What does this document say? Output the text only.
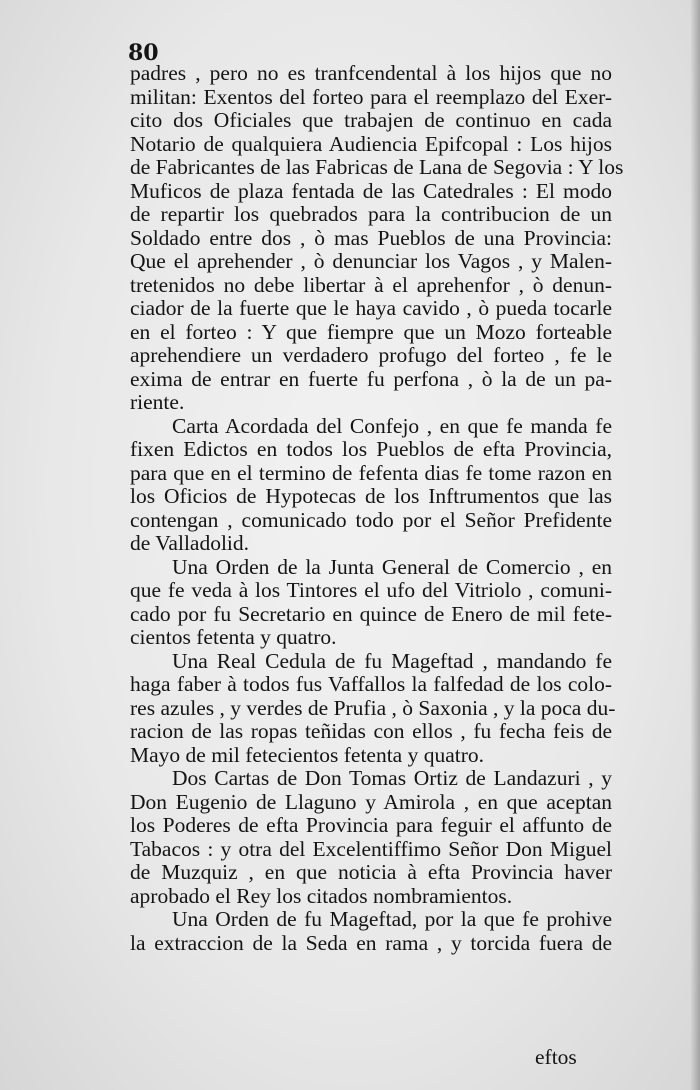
80
padres , pero no es tranfcendental à los hijos que no
militan: Exentos del forteo para el reemplazo del Exer-
cito dos Oficiales que trabajen de continuo en cada
Notario de qualquiera Audiencia Epifcopal : Los hijos
de Fabricantes de las Fabricas de Lana de Segovia : Y los
Muficos de plaza fentada de las Catedrales : El modo
de repartir los quebrados para la contribucion de un
Soldado entre dos , ò mas Pueblos de una Provincia:
Que el aprehender , ò denunciar los Vagos , y Malen-
tretenidos no debe libertar à el aprehenfor , ò denun-
ciador de la fuerte que le haya cavido , ò pueda tocarle
en el forteo : Y que fiempre que un Mozo forteable
aprehendiere un verdadero profugo del forteo , fe le
exima de entrar en fuerte fu perfona , ò la de un pa-
riente.
Carta Acordada del Confejo , en que fe manda fe
fixen Edictos en todos los Pueblos de efta Provincia,
para que en el termino de fefenta dias fe tome razon en
los Oficios de Hypotecas de los Inftrumentos que las
contengan , comunicado todo por el Señor Prefidente
de Valladolid.
Una Orden de la Junta General de Comercio , en
que fe veda à los Tintores el ufo del Vitriolo , comuni-
cado por fu Secretario en quince de Enero de mil fete-
cientos fetenta y quatro.
Una Real Cedula de fu Mageftad , mandando fe
haga faber à todos fus Vaffallos la falfedad de los colo-
res azules , y verdes de Prufia , ò Saxonia , y la poca du-
racion de las ropas teñidas con ellos , fu fecha feis de
Mayo de mil fetecientos fetenta y quatro.
Dos Cartas de Don Tomas Ortiz de Landazuri , y
Don Eugenio de Llaguno y Amirola , en que aceptan
los Poderes de efta Provincia para feguir el affunto de
Tabacos : y otra del Excelentiffimo Señor Don Miguel
de Muzquiz , en que noticia à efta Provincia haver
aprobado el Rey los citados nombramientos.
Una Orden de fu Mageftad, por la que fe prohive
la extraccion de la Seda en rama , y torcida fuera de
eftos
